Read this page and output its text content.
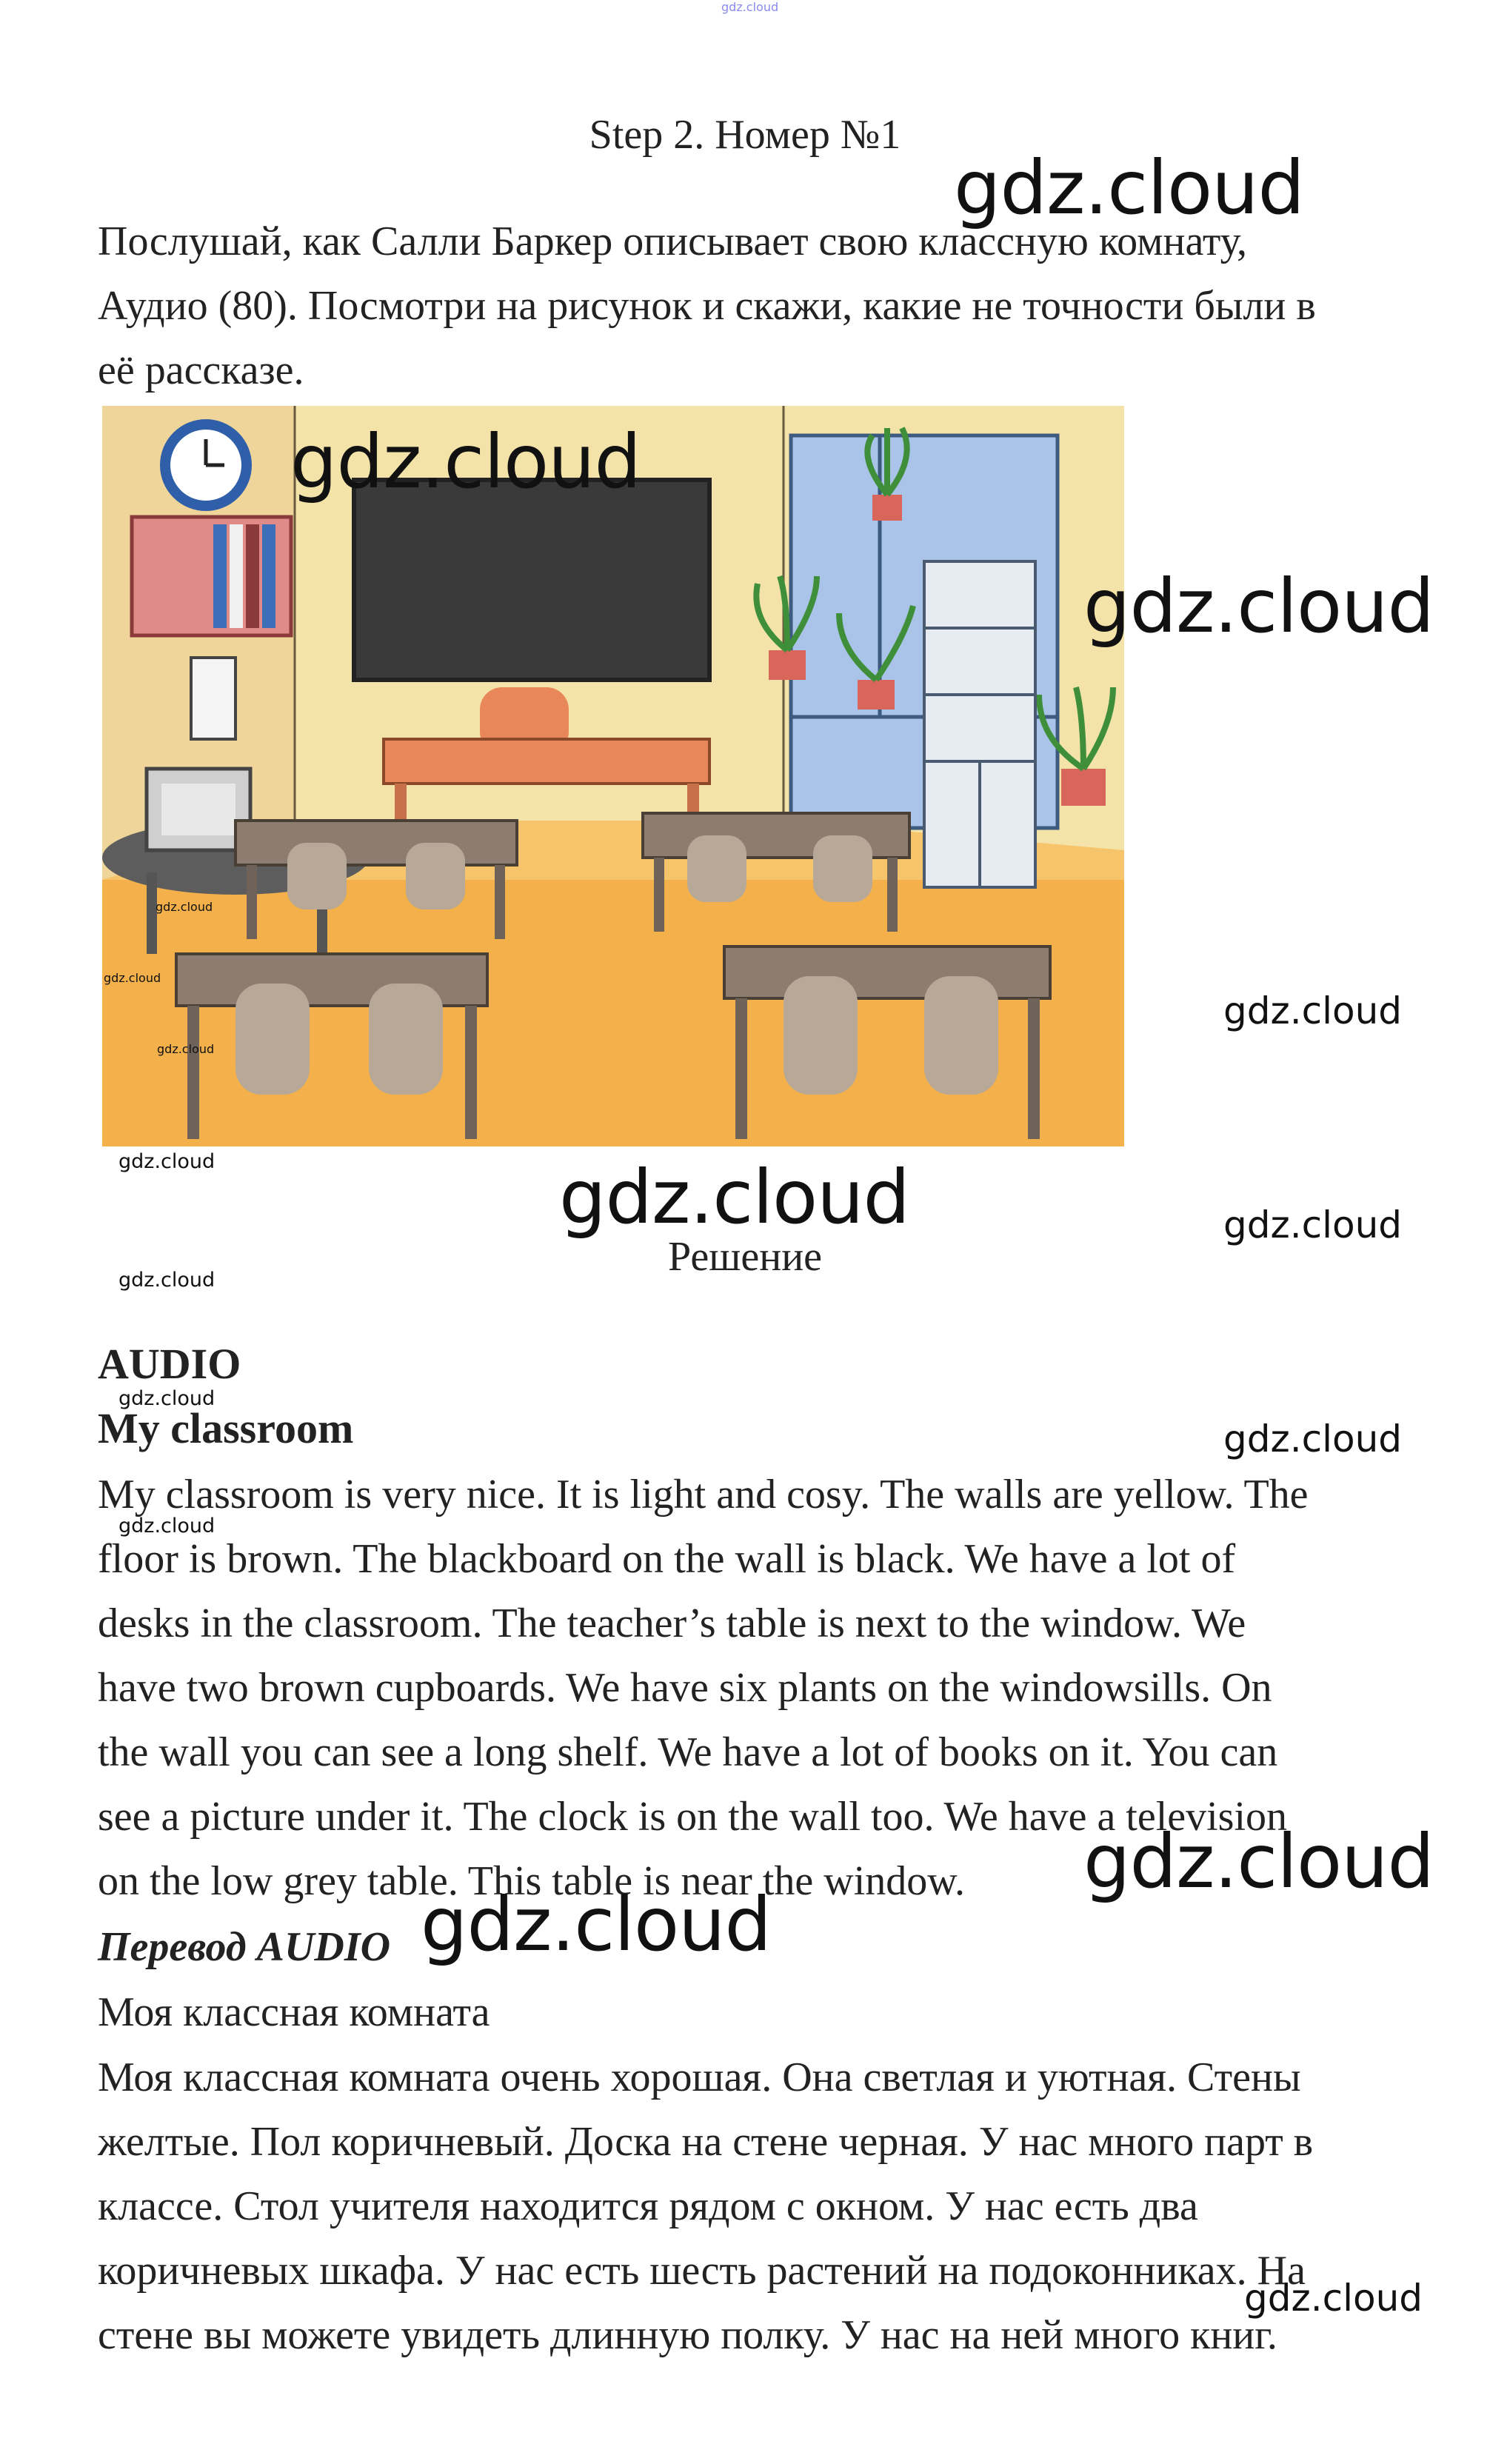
gdz.cloud
Step 2. Номер №1
Послушай, как Салли Баркер описывает свою классную комнату,
Аудио (80). Посмотри на рисунок и скажи, какие не точности были в
её рассказе.
gdz.cloud
gdz.cloud
gdz.cloud
gdz.cloud
gdz.cloud
gdz.cloud
gdz.cloud
gdz.cloud	gdz.cloud	gdz.cloud
gdz.cloud
Решение
AUDIO
gdz.cloud
My classroom	gdz.cloud
My classroom is very nice. It is light and cosy. The walls are yellow. The
floor is brown. The blackboard on the wall is black. We have a lot of
desks in the classroom. The teacher’s table is next to the window. We
have two brown cupboards. We have six plants on the windowsills. On
the wall you can see a long shelf. We have a lot of books on it. You can
see a picture under it. The clock is on the wall too. We have a television
on the low grey table. This table is near the window.
gdz.cloud
gdz.cloud
Перевод AUDIO gdz.cloud
Моя классная комната
Моя классная комната очень хорошая. Она светлая и уютная. Стены
желтые. Пол коричневый. Доска на стене черная. У нас много парт в
классе. Стол учителя находится рядом с окном. У нас есть два
коричневых шкафа. У нас есть шесть растений на подоконниках. На
стене вы можете увидеть длинную полку. У нас на ней много книг.
gdz.cloud
